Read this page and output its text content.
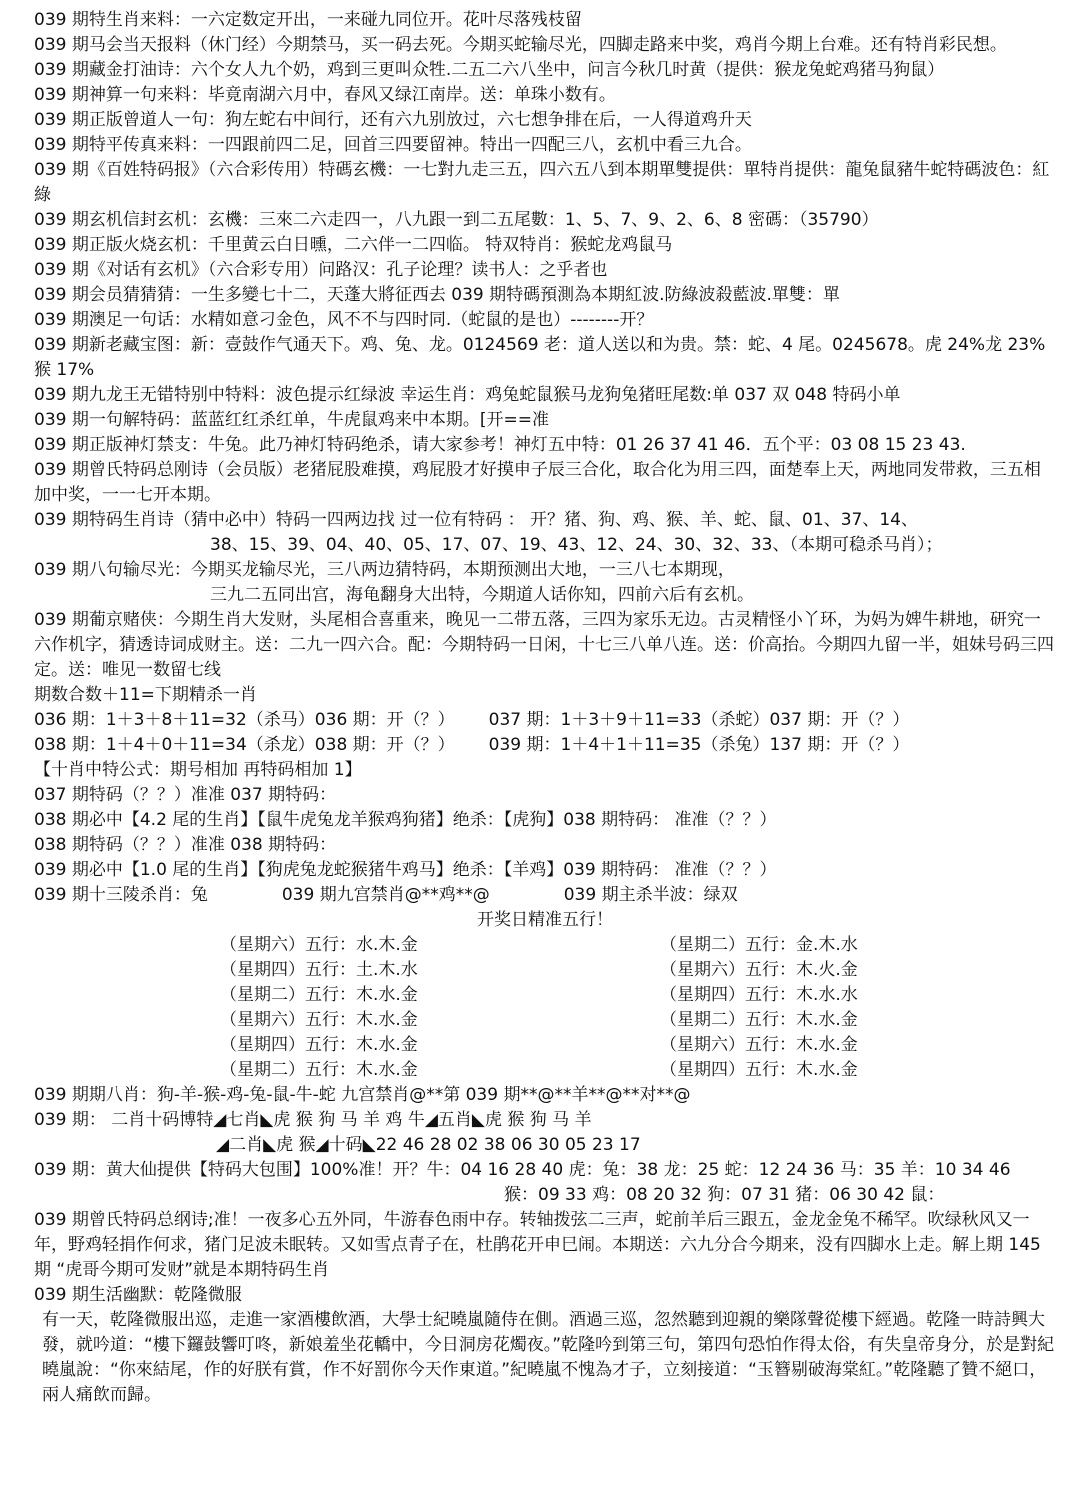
039 期特生肖来料：一六定数定开出，一来碰九同位开。花叶尽落残枝留
039 期马会当天报料（休门经）今期禁马，买一码去死。今期买蛇输尽光，四脚走路来中奖，鸡肖今期上台难。还有特肖彩民想。
039 期藏金打油诗：六个女人九个奶，鸡到三更叫众牲.二五二六八坐中，问言今秋几时黄（提供：猴龙兔蛇鸡猪马狗鼠）
039 期神算一句来料：毕竟南湖六月中，春风又绿江南岸。送：单珠小数有。
039 期正版曾道人一句：狗左蛇右中间行，还有六九别放过，六七想争排在后，一人得道鸡升天
039 期特平传真来料：一四跟前四二足，回首三四要留神。特出一四配三八，玄机中看三九合。
039 期《百姓特码报》（六合彩传用）特碼玄機：一七對九走三五，四六五八到本期單雙提供：單特肖提供：龍兔鼠豬牛蛇特碼波色：紅綠
039 期玄机信封玄机：玄機：三來二六走四一，八九跟一到二五尾數：1、5、7、9、2、6、8 密碼：（35790）
039 期正版火烧玄机：千里黄云白日曛，二六伴一二四临。 特双特肖：猴蛇龙鸡鼠马
039 期《对话有玄机》（六合彩专用）问路汉：孔子论理？读书人：之乎者也
039 期会员猜猜猜：一生多變七十二，天蓬大將征西去 039 期特碼預測為本期紅波.防綠波殺藍波.單雙：單
039 期澳足一句话：水精如意刁金色，风不不与四时同.（蛇鼠的是也）--------开？
039 期新老藏宝图：新：壹鼓作气通天下。鸡、兔、龙。0124569 老：道人送以和为贵。禁：蛇、4 尾。0245678。虎 24%龙 23%猴 17%
039 期九龙王无错特别中特料：波色提示红绿波 幸运生肖：鸡兔蛇鼠猴马龙狗兔猪旺尾数:单 037 双 048 特码小单
039 期一句解特码：蓝蓝红红杀红单，牛虎鼠鸡来中本期。[开==准
039 期正版神灯禁支：牛兔。此乃神灯特码绝杀，请大家参考！神灯五中特：01 26 37 41 46．五个平：03 08 15 23 43.
039 期曾氏特码总刚诗（会员版）老猪屁股难摸，鸡屁股才好摸申子辰三合化，取合化为用三四，面楚奉上天，两地同发带救，三五相加中奖，一一七开本期。
039 期特码生肖诗（猜中必中）特码一四两边找 过一位有特码 ： 开？猪、狗、鸡、猴、羊、蛇、鼠、01、37、14、
38、15、39、04、40、05、17、07、19、43、12、24、30、32、33、（本期可稳杀马肖）；
039 期八句输尽光：今期买龙输尽光，三八两边猜特码，本期预测出大地，一三八七本期现，
三九二五同出宫，海龟翻身大出特，今期道人话你知，四前六后有玄机。
039 期葡京赌侠：今期生肖大发财，头尾相合喜重来，晚见一二带五落，三四为家乐无边。古灵精怪小丫环，为妈为婢牛耕地，研究一六作机字，猜透诗词成财主。送：二九一四六合。配：今期特码一日闲，十七三八单八连。送：价高抬。今期四九留一半，姐妹号码三四定。送：唯见一数留七线
期数合数＋11=下期精杀一肖
036 期：1＋3＋8＋11=32（杀马）036 期：开（？） 037 期：1＋3＋9＋11=33（杀蛇）037 期：开（？）
038 期：1＋4＋0＋11=34（杀龙）038 期：开（？） 039 期：1＋4＋1＋11=35（杀兔）137 期：开（？）
【十肖中特公式：期号相加 再特码相加 1】
037 期特码（？？）准准 037 期特码：
038 期必中【4.2 尾的生肖】【鼠牛虎兔龙羊猴鸡狗猪】绝杀：【虎狗】038 期特码： 准准（？？）
038 期特码（？？）准准 038 期特码：
039 期必中【1.0 尾的生肖】【狗虎兔龙蛇猴猪牛鸡马】绝杀：【羊鸡】039 期特码： 准准（？？）
039 期十三陵杀肖：兔	039 期九宫禁肖@**鸡**@	039 期主杀半波：绿双
开奖日精准五行！
（星期六）五行：水.木.金	（星期二）五行：金.木.水
（星期四）五行：土.木.水	（星期六）五行：木.火.金
（星期二）五行：木.水.金	（星期四）五行：木.水.水
（星期六）五行：木.水.金	（星期二）五行：木.水.金
（星期四）五行：木.水.金	（星期六）五行：木.水.金
（星期二）五行：木.水.金	（星期四）五行：木.水.金
039 期期八肖：狗-羊-猴-鸡-兔-鼠-牛-蛇 九宫禁肖@**第 039 期**@**羊**@**对**@
039 期： 二肖十码博特◢七肖◣虎 猴 狗 马 羊 鸡 牛◢五肖◣虎 猴 狗 马 羊
◢二肖◣虎 猴◢十码◣22 46 28 02 38 06 30 05 23 17
039 期：黄大仙提供【特码大包围】100%准！开？牛：04 16 28 40 虎：兔：38 龙：25 蛇：12 24 36 马：35 羊：10 34 46
猴：09 33 鸡：08 20 32 狗：07 31 猪：06 30 42 鼠：
039 期曾氏特码总纲诗;准！一夜多心五外同，牛游春色雨中存。转轴拨弦二三声，蛇前羊后三跟五，金龙金兔不稀罕。吹绿秋风又一年，野鸡轻捐作何求，猪门足波未眠转。又如雪点青子在，杜鹃花开申巳闹。本期送：六九分合今期来，没有四脚水上走。解上期 145 期 “虎哥今期可发财”就是本期特码生肖
039 期生活幽默：乾隆微服
有一天，乾隆微服出巡，走進一家酒樓飲酒，大學士紀曉嵐隨侍在側。酒過三巡，忽然聽到迎親的樂隊聲從樓下經過。乾隆一時詩興大發，就吟道：“樓下鑼鼓響叮咚，新娘羞坐花轎中，今日洞房花燭夜。”乾隆吟到第三句，第四句恐怕作得太俗，有失皇帝身分，於是對紀曉嵐說：“你來結尾，作的好朕有賞，作不好罰你今天作東道。”紀曉嵐不愧為才子，立刻接道：“玉簪剔破海棠紅。”乾隆聽了贊不絕口，兩人痛飲而歸。
